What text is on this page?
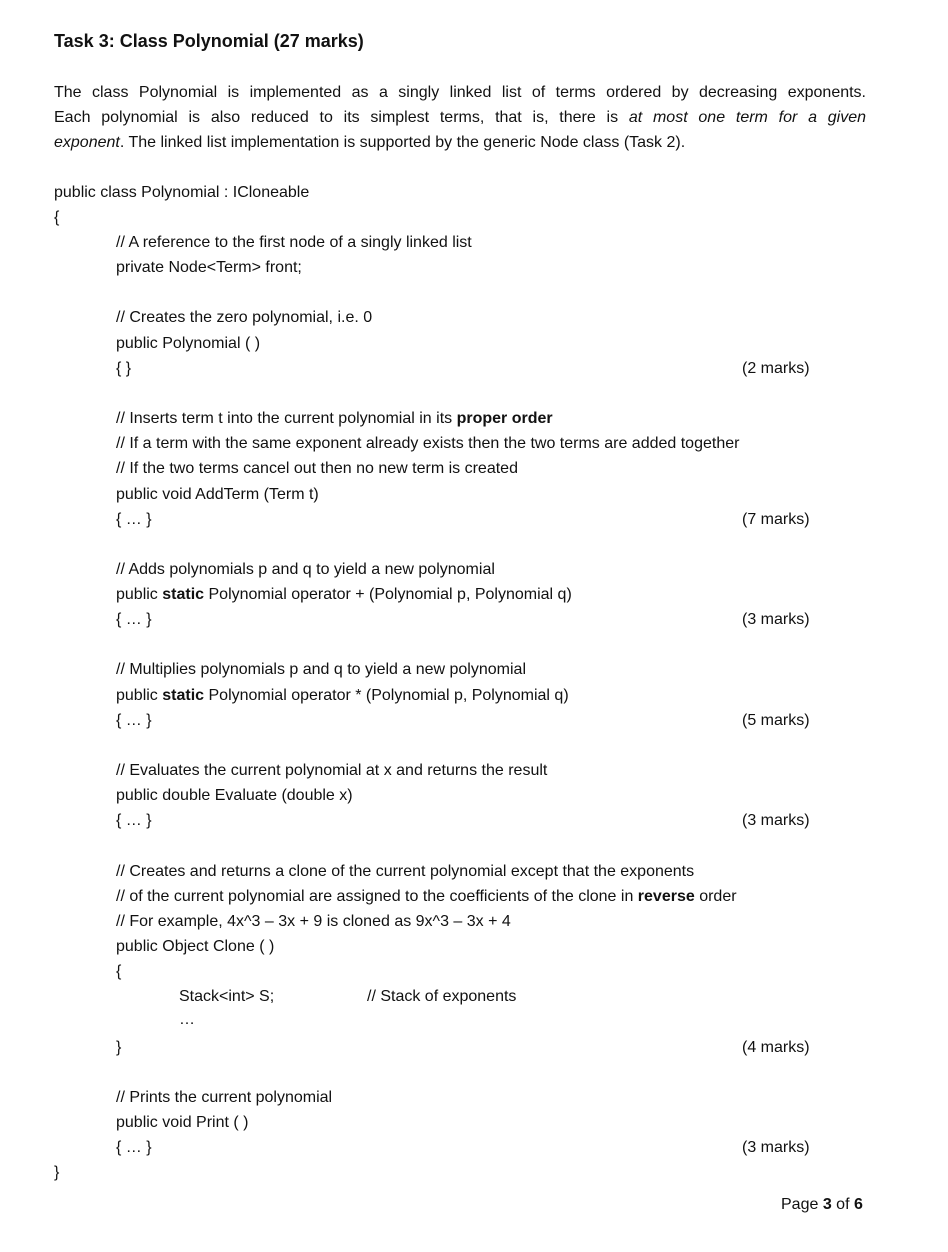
Task 3: Class Polynomial (27 marks)

The class Polynomial is implemented as a singly linked list of terms ordered by decreasing exponents.

Each polynomial is also reduced to its simplest terms, that is, there is at most one term for a given

exponent. The linked list implementation is supported by the generic Node class (Task 2).

public class Polynomial : ICloneable
{
// A reference to the first node of a singly linked list
private Node<Term> front;
// Creates the zero polynomial, i.e. 0
public Polynomial ( )
{ }	(2 marks)
// Inserts term t into the current polynomial in its proper order
// If a term with the same exponent already exists then the two terms are added together
// If the two terms cancel out then no new term is created
public void AddTerm (Term t)
{ … }	(7 marks)
// Adds polynomials p and q to yield a new polynomial
public static Polynomial operator + (Polynomial p, Polynomial q)
{ … }	(3 marks)
// Multiplies polynomials p and q to yield a new polynomial
public static Polynomial operator * (Polynomial p, Polynomial q)
{ … }	(5 marks)
// Evaluates the current polynomial at x and returns the result
public double Evaluate (double x)
{ … }	(3 marks)
// Creates and returns a clone of the current polynomial except that the exponents
// of the current polynomial are assigned to the coefficients of the clone in reverse order
// For example, 4x^3 – 3x + 9 is cloned as 9x^3 – 3x + 4
public Object Clone ( )
{
Stack<int> S;	// Stack of exponents
…
}	(4 marks)
// Prints the current polynomial
public void Print ( )
{ … }	(3 marks)
}
Page 3 of 6
